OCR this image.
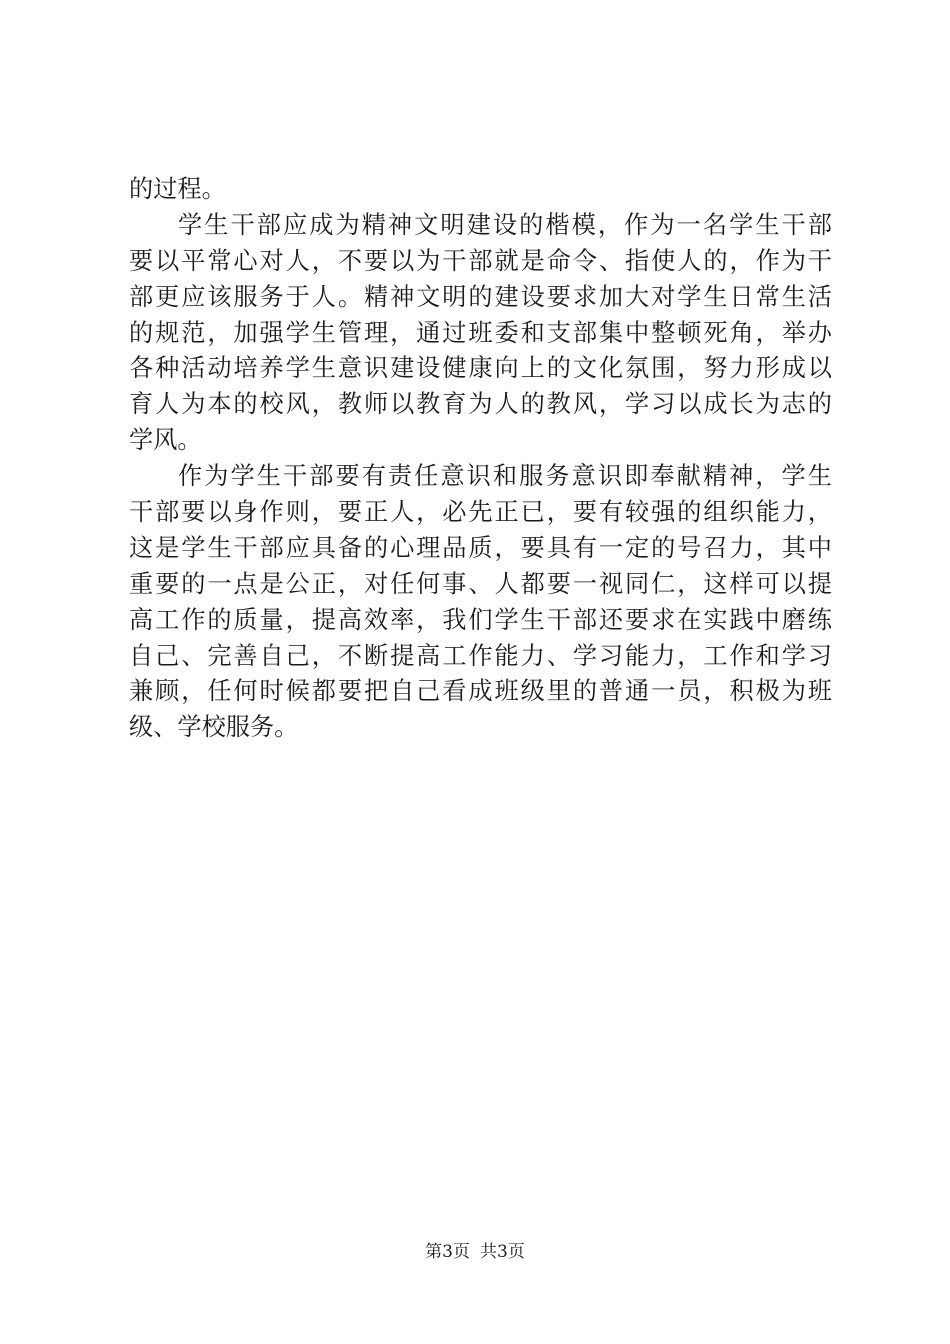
的过程。
学生干部应成为精神文明建设的楷模，作为一名学生干部
要以平常心对人，不要以为干部就是命令、指使人的，作为干
部更应该服务于人。精神文明的建设要求加大对学生日常生活
的规范，加强学生管理，通过班委和支部集中整顿死角，举办
各种活动培养学生意识建设健康向上的文化氛围，努力形成以
育人为本的校风，教师以教育为人的教风，学习以成长为志的
学风。
作为学生干部要有责任意识和服务意识即奉献精神，学生
干部要以身作则，要正人，必先正已，要有较强的组织能力，
这是学生干部应具备的心理品质，要具有一定的号召力，其中
重要的一点是公正，对任何事、人都要一视同仁，这样可以提
高工作的质量，提高效率，我们学生干部还要求在实践中磨练
自己、完善自己，不断提高工作能力、学习能力，工作和学习
兼顾，任何时候都要把自己看成班级里的普通一员，积极为班
级、学校服务。
第3页 共3页
